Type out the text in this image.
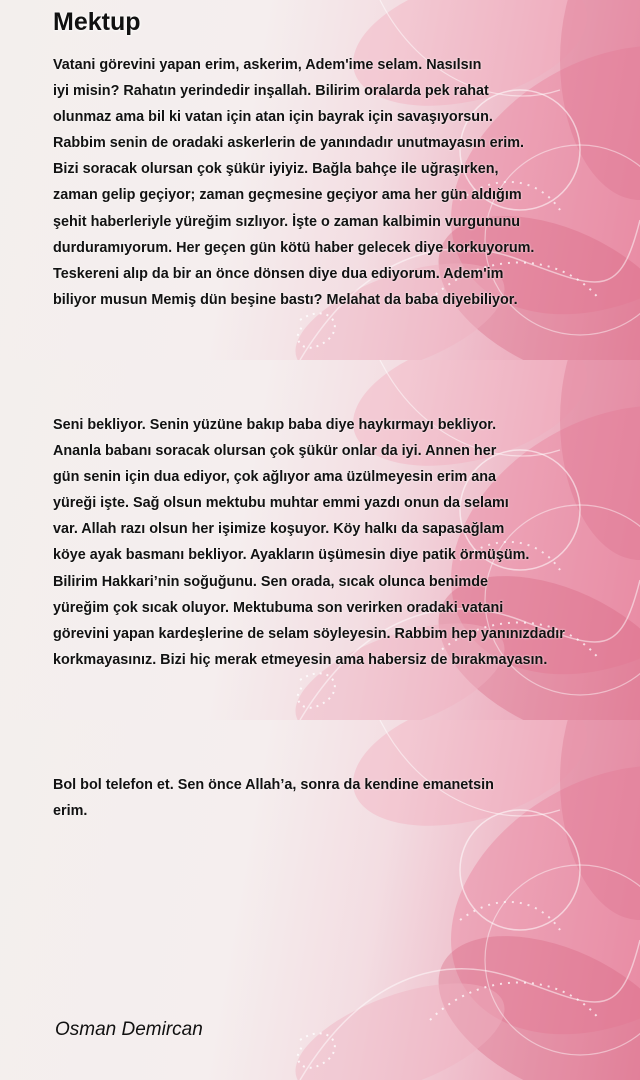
Mektup

Vatani görevini yapan erim, askerim, Adem'ime selam. Nasılsın
iyi misin? Rahatın yerindedir inşallah. Bilirim oralarda pek rahat
olunmaz ama bil ki vatan için atan için bayrak için savaşıyorsun.
Rabbim senin de oradaki askerlerin de yanındadır unutmayasın erim.
Bizi soracak olursan çok şükür iyiyiz. Bağla bahçe ile uğraşırken,
zaman gelip geçiyor; zaman geçmesine geçiyor ama her gün aldığım
şehit haberleriyle yüreğim sızlıyor. İşte o zaman kalbimin vurgununu
durduramıyorum. Her geçen gün kötü haber gelecek diye korkuyorum.
Teskereni alıp da bir an önce dönsen diye dua ediyorum. Adem'im
biliyor musun Memiş dün beşine bastı? Melahat da baba diyebiliyor.

Seni bekliyor. Senin yüzüne bakıp baba diye haykırmayı bekliyor.
Ananla babanı soracak olursan çok şükür onlar da iyi. Annen her
gün senin için dua ediyor, çok ağlıyor ama üzülmeyesin erim ana
yüreği işte. Sağ olsun mektubu muhtar emmi yazdı onun da selamı
var. Allah razı olsun her işimize koşuyor. Köy halkı da sapasağlam
köye ayak basmanı bekliyor. Ayakların üşümesin diye patik örmüşüm.
Bilirim Hakkari’nin soğuğunu. Sen orada, sıcak olunca benimde
yüreğim çok sıcak oluyor. Mektubuma son verirken oradaki vatani
görevini yapan kardeşlerine de selam söyleyesin. Rabbim hep yanınızdadır
korkmayasınız. Bizi hiç merak etmeyesin ama habersiz de bırakmayasın.

Bol bol telefon et. Sen önce Allah’a, sonra da kendine emanetsin
erim.

Osman Demircan
